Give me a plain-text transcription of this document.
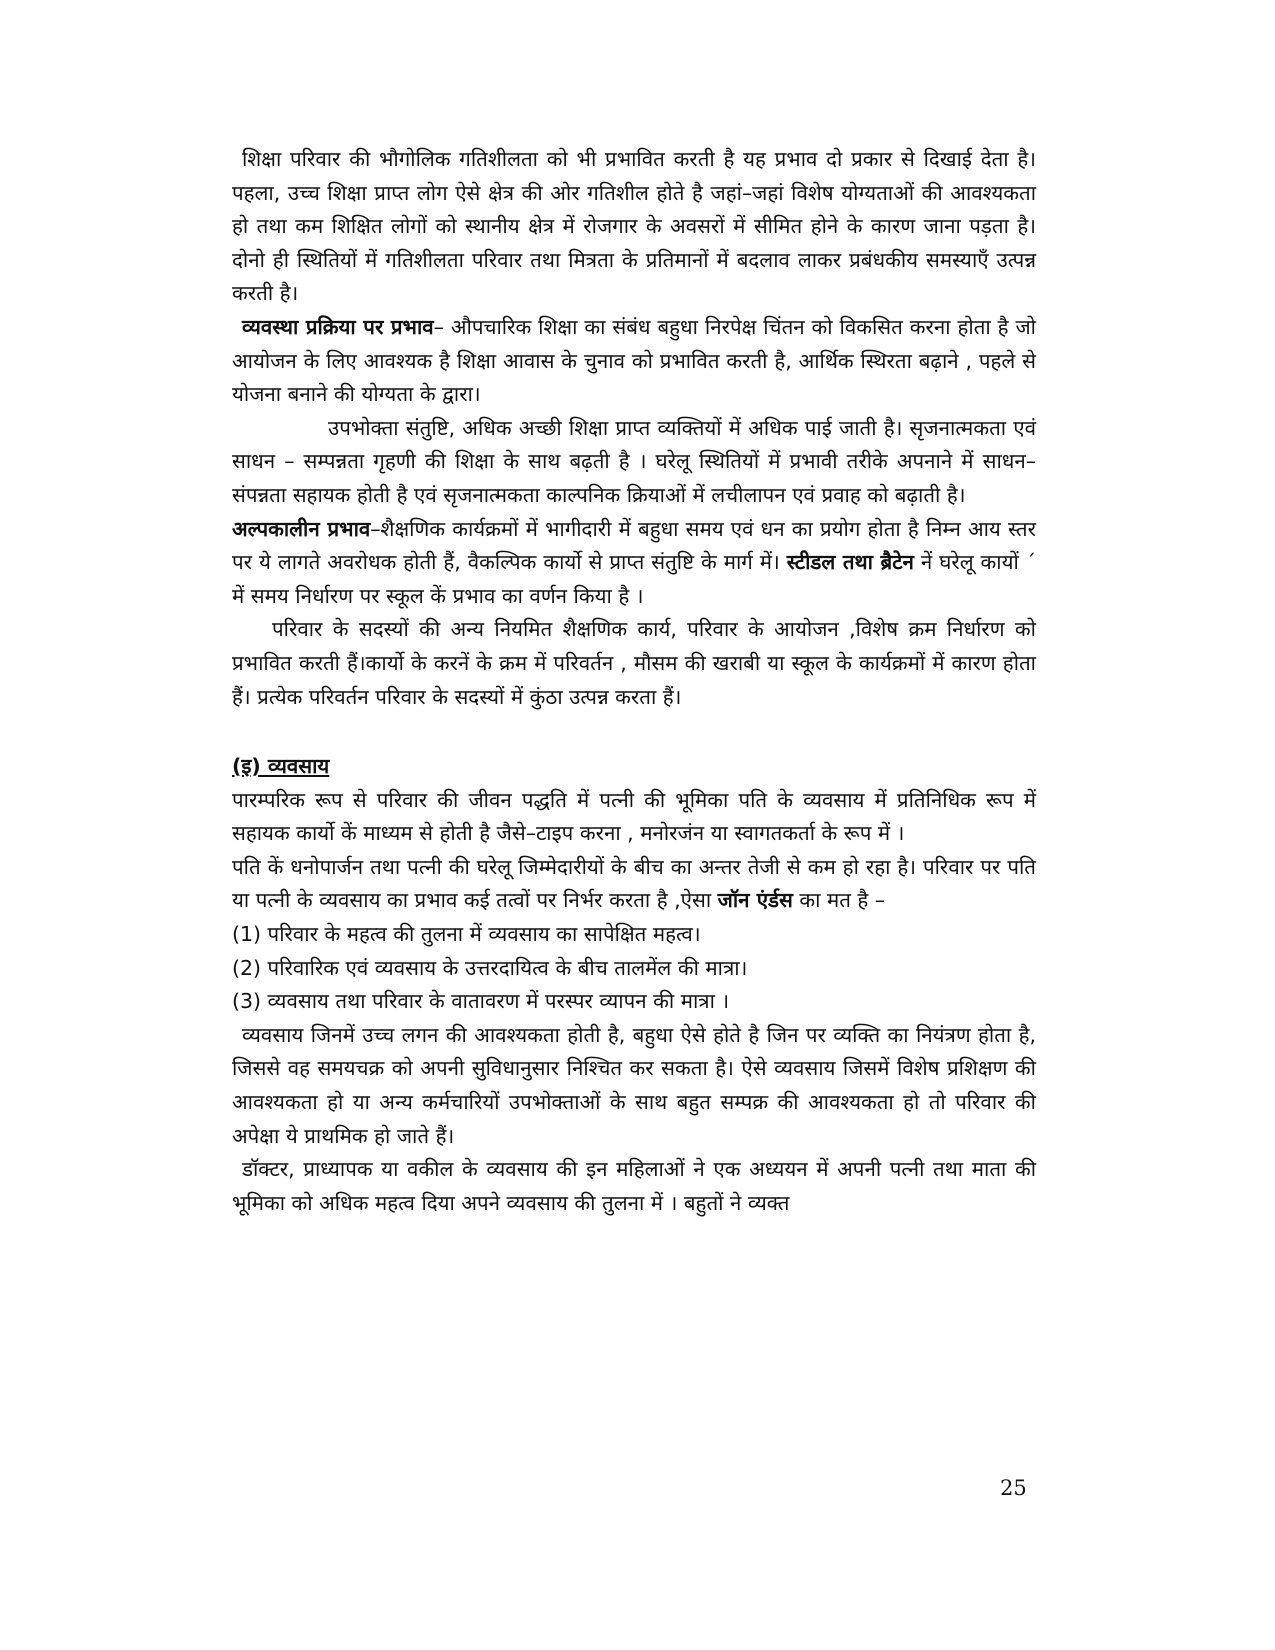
शिक्षा परिवार की भौगोलिक गतिशीलता को भी प्रभावित करती है यह प्रभाव दो प्रकार से दिखाई देता है। पहला, उच्च शिक्षा प्राप्त लोग ऐसे क्षेत्र की ओर गतिशील होते है जहां–जहां विशेष योग्यताओं की आवश्यकता हो तथा कम शिक्षित लोगों को स्थानीय क्षेत्र में रोजगार के अवसरों में सीमित होने के कारण जाना पड़ता है। दोनो ही स्थितियों में गतिशीलता परिवार तथा मित्रता के प्रतिमानों में बदलाव लाकर प्रबंधकीय समस्याएँ उत्पन्न करती है।

व्यवस्था प्रक्रिया पर प्रभाव– औपचारिक शिक्षा का संबंध बहुधा निरपेक्ष चिंतन को विकसित करना होता है जो आयोजन के लिए आवश्यक है शिक्षा आवास के चुनाव को प्रभावित करती है, आर्थिक स्थिरता बढ़ाने , पहले से योजना बनाने की योग्यता के द्वारा।

उपभोक्ता संतुष्टि, अधिक अच्छी शिक्षा प्राप्त व्यक्तियों में अधिक पाई जाती है। सृजनात्मकता एवं साधन – सम्पन्नता गृहणी की शिक्षा के साथ बढ़ती है । घरेलू स्थितियों में प्रभावी तरीके अपनाने में साधन–संपन्नता सहायक होती है एवं सृजनात्मकता काल्पनिक क्रियाओं में लचीलापन एवं प्रवाह को बढ़ाती है।

अल्पकालीन प्रभाव–शैक्षणिक कार्यक्रमों में भागीदारी में बहुधा समय एवं धन का प्रयोग होता है निम्न आय स्तर पर ये लागते अवरोधक होती हैं, वैकल्पिक कार्यो से प्राप्त संतुष्टि के मार्ग में। स्टीडल तथा ब्रैटेन नें घरेलू कायों ´ में समय निर्धारण पर स्कूल कें प्रभाव का वर्णन किया है ।

परिवार के सदस्यों की अन्य नियमित शैक्षणिक कार्य, परिवार के आयोजन ,विशेष क्रम निर्धारण को प्रभावित करती हैं।कार्यो के करनें के क्रम में परिवर्तन , मौसम की खराबी या स्कूल के कार्यक्रमों में कारण होता हैं। प्रत्येक परिवर्तन परिवार के सदस्यों में कुंठा उत्पन्न करता हैं।

(इ) व्यवसाय

पारम्परिक रूप से परिवार की जीवन पद्धति में पत्नी की भूमिका पति के व्यवसाय में प्रतिनिधिक रूप में सहायक कार्यो कें माध्यम से होती है जैसे–टाइप करना , मनोरजंन या स्वागतकर्ता के रूप में ।

पति कें धनोपार्जन तथा पत्नी की घरेलू जिम्मेदारीयों के बीच का अन्तर तेजी से कम हो रहा है। परिवार पर पति या पत्नी के व्यवसाय का प्रभाव कई तत्वों पर निर्भर करता है ,ऐसा जॉन एंर्डस का मत है –

(1) परिवार के महत्व की तुलना में व्यवसाय का सापेक्षित महत्व।

(2) परिवारिक एवं व्यवसाय के उत्तरदायित्व के बीच तालमेंल की मात्रा।

(3) व्यवसाय तथा परिवार के वातावरण में परस्पर व्यापन की मात्रा ।

व्यवसाय जिनमें उच्च लगन की आवश्यकता होती है, बहुधा ऐसे होते है जिन पर व्यक्ति का नियंत्रण होता है, जिससे वह समयचक्र को अपनी सुविधानुसार निश्चित कर सकता है। ऐसे व्यवसाय जिसमें विशेष प्रशिक्षण की आवश्यकता हो या अन्य कर्मचारियों उपभोक्ताओं के साथ बहुत सम्पक्र की आवश्यकता हो तो परिवार की अपेक्षा ये प्राथमिक हो जाते हैं।

डॉक्टर, प्राध्यापक या वकील के व्यवसाय की इन महिलाओं ने एक अध्ययन में अपनी पत्नी तथा माता की भूमिका को अधिक महत्व दिया अपने व्यवसाय की तुलना में । बहुतों ने व्यक्त

25
